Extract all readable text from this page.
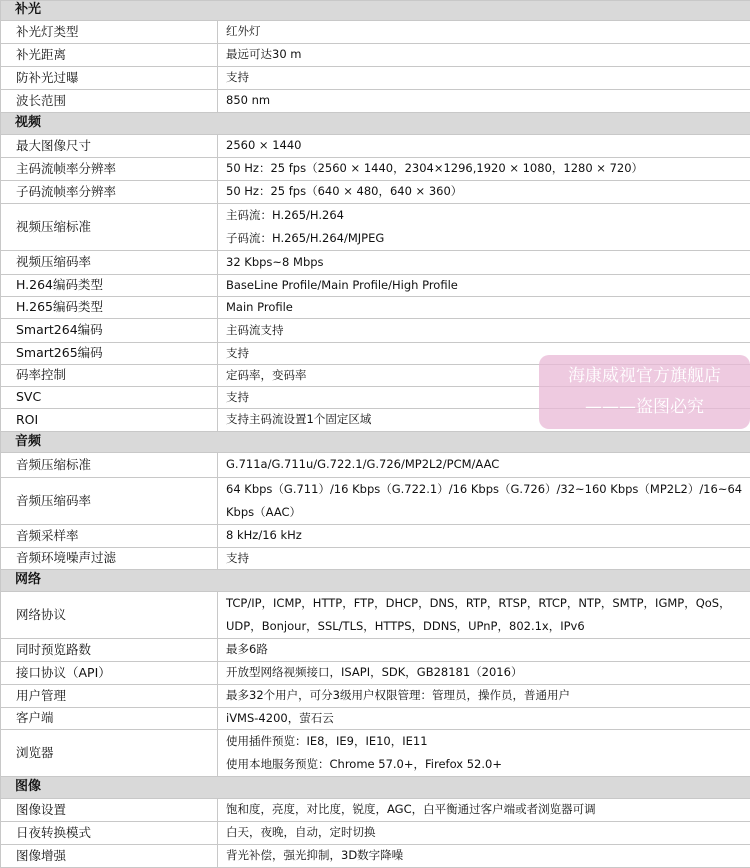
补光	
补光灯类型	红外灯
补光距离	最远可达30 m
防补光过曝	支持
波长范围	850 nm
视频	
最大图像尺寸	2560 × 1440
主码流帧率分辨率	50 Hz：25 fps（2560 × 1440，2304×1296,1920 × 1080，1280 × 720）
子码流帧率分辨率	50 Hz：25 fps（640 × 480，640 × 360）
视频压缩标准	主码流：H.265/H.264
子码流：H.265/H.264/MJPEG

视频压缩码率	32 Kbps~8 Mbps
H.264编码类型	BaseLine Profile/Main Profile/High Profile
H.265编码类型	Main Profile
Smart264编码	主码流支持
Smart265编码	支持
码率控制	定码率，变码率
SVC	支持
ROI	支持主码流设置1个固定区域
音频	
音频压缩标准	G.711a/G.711u/G.722.1/G.726/MP2L2/PCM/AAC
音频压缩码率	64 Kbps（G.711）/16 Kbps（G.722.1）/16 Kbps（G.726）/32~160 Kbps（MP2L2）/16~64
Kbps（AAC）

音频采样率	8 kHz/16 kHz
音频环境噪声过滤	支持
网络	
网络协议	TCP/IP，ICMP，HTTP，FTP，DHCP，DNS，RTP，RTSP，RTCP，NTP，SMTP，IGMP，QoS，
UDP，Bonjour，SSL/TLS，HTTPS，DDNS，UPnP，802.1x，IPv6

同时预览路数	最多6路
接口协议（API）	开放型网络视频接口，ISAPI，SDK，GB28181（2016）
用户管理	最多32个用户，可分3级用户权限管理：管理员，操作员，普通用户
客户端	iVMS-4200，萤石云
浏览器	使用插件预览：IE8，IE9，IE10，IE11
使用本地服务预览：Chrome 57.0+，Firefox 52.0+

图像	
图像设置	饱和度，亮度，对比度，锐度，AGC，白平衡通过客户端或者浏览器可调
日夜转换模式	白天，夜晚，自动，定时切换
图像增强	背光补偿，强光抑制，3D数字降噪
海康威视官方旗舰店
———盗图必究
